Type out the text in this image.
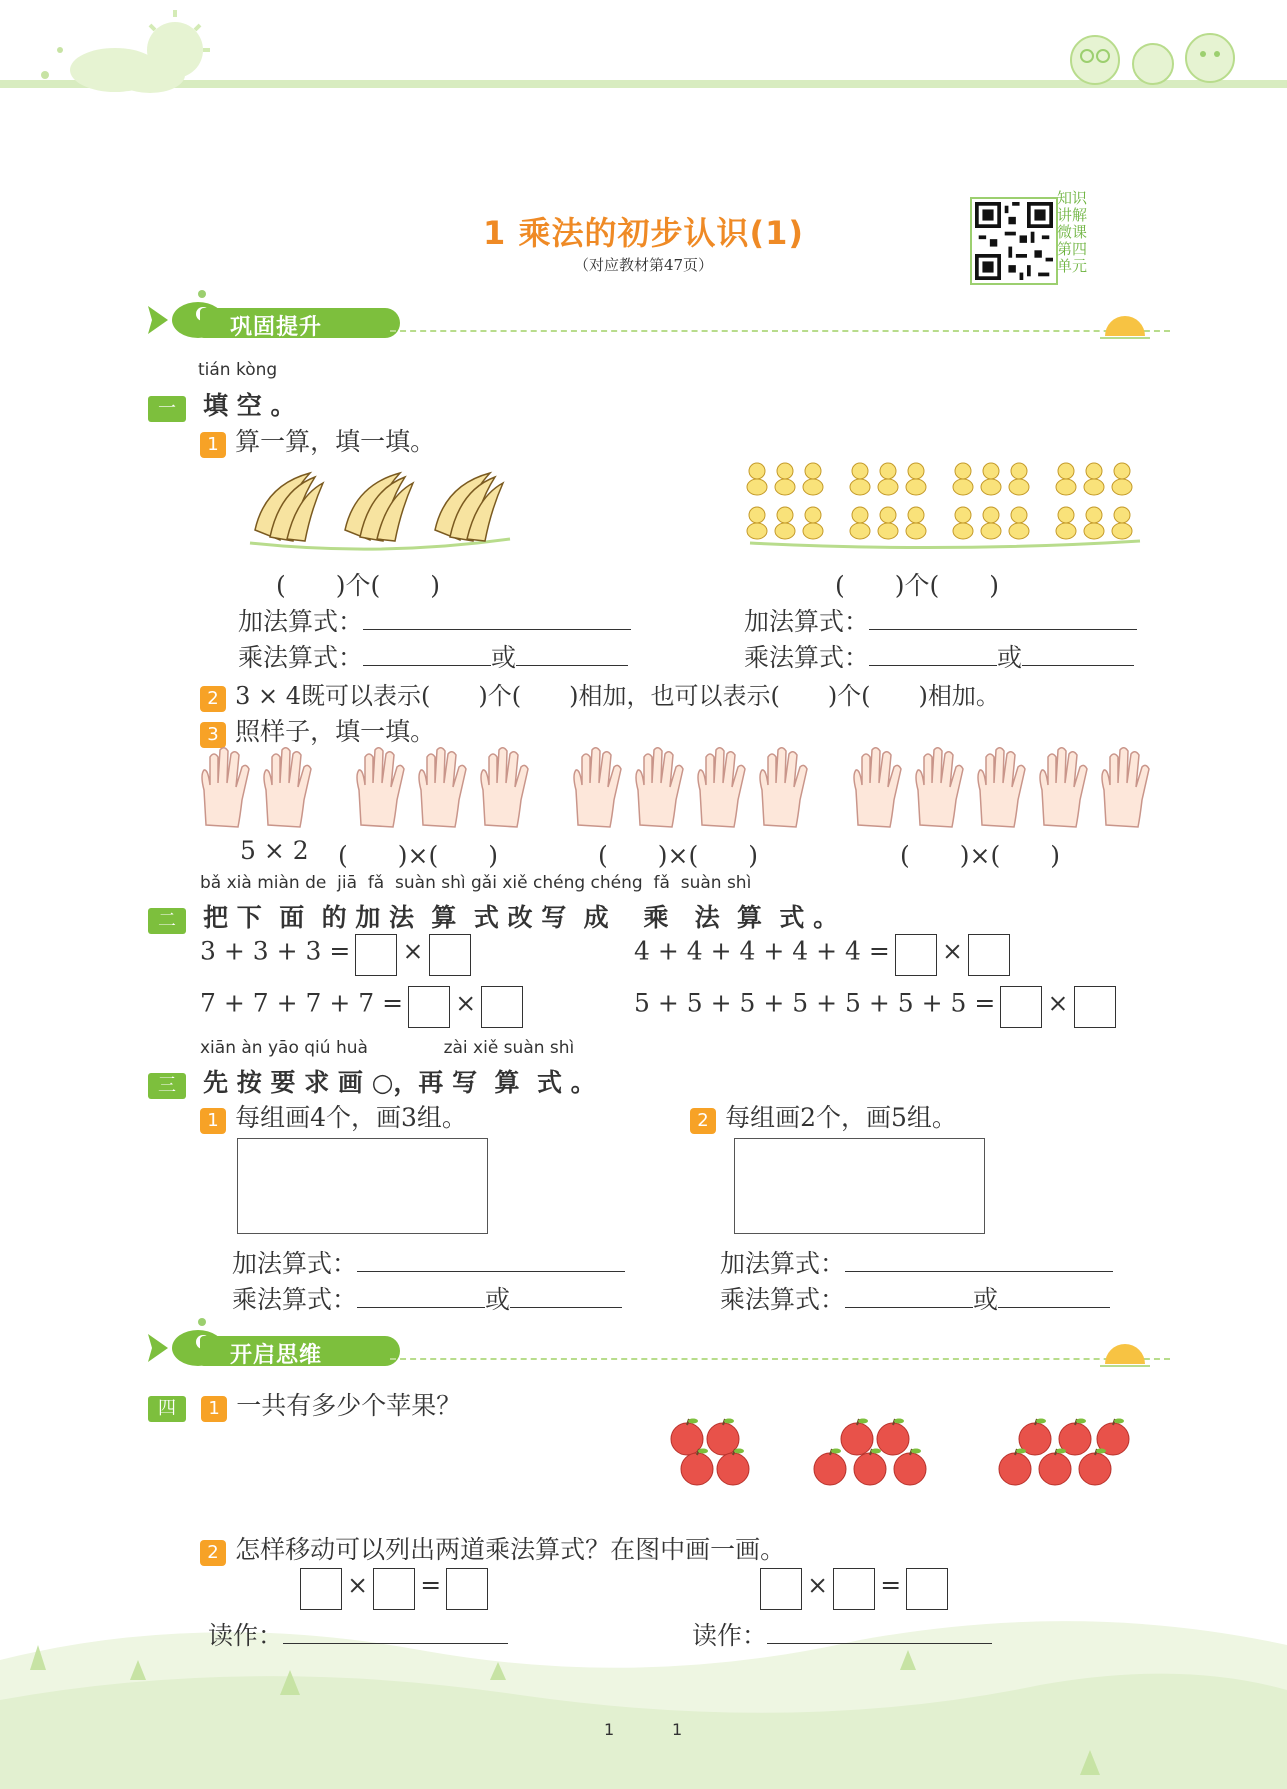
1 乘法的初步认识(1)
（对应教材第47页）
知识讲解微课 第四单元
巩固提升
tián kòng
一 填 空 。
1 算一算，填一填。
(　　)个(　　)	(　　)个(　　)
加法算式：
乘法算式：	或
加法算式：
乘法算式：	或
2 3 × 4既可以表示(　　)个(　　)相加，也可以表示(　　)个(　　)相加。
3 照样子，填一填。
5 × 2 (　　)×(　　)	(　　)×(　　)	(　　)×(　　)
bǎ xià miàn de  jiā  fǎ  suàn shì gǎi xiě chéng chéng  fǎ  suàn shì
二 把 下  面  的 加 法  算  式 改 写  成    乘   法  算  式 。
3 + 3 + 3 = ×	4 + 4 + 4 + 4 + 4 = ×
7 + 7 + 7 + 7 = ×	5 + 5 + 5 + 5 + 5 + 5 + 5 = ×
xiān àn yāo qiú huà              zài xiě suàn shì
三 先 按 要 求 画 ○，再 写  算  式 。
1 每组画4个，画3组。	2 每组画2个，画5组。
加法算式：
乘法算式：	或
加法算式：
乘法算式：	或
开启思维
四 1 一共有多少个苹果？
2 怎样移动可以列出两道乘法算式？在图中画一画。
× =	× =
读作：	读作：
1	1
